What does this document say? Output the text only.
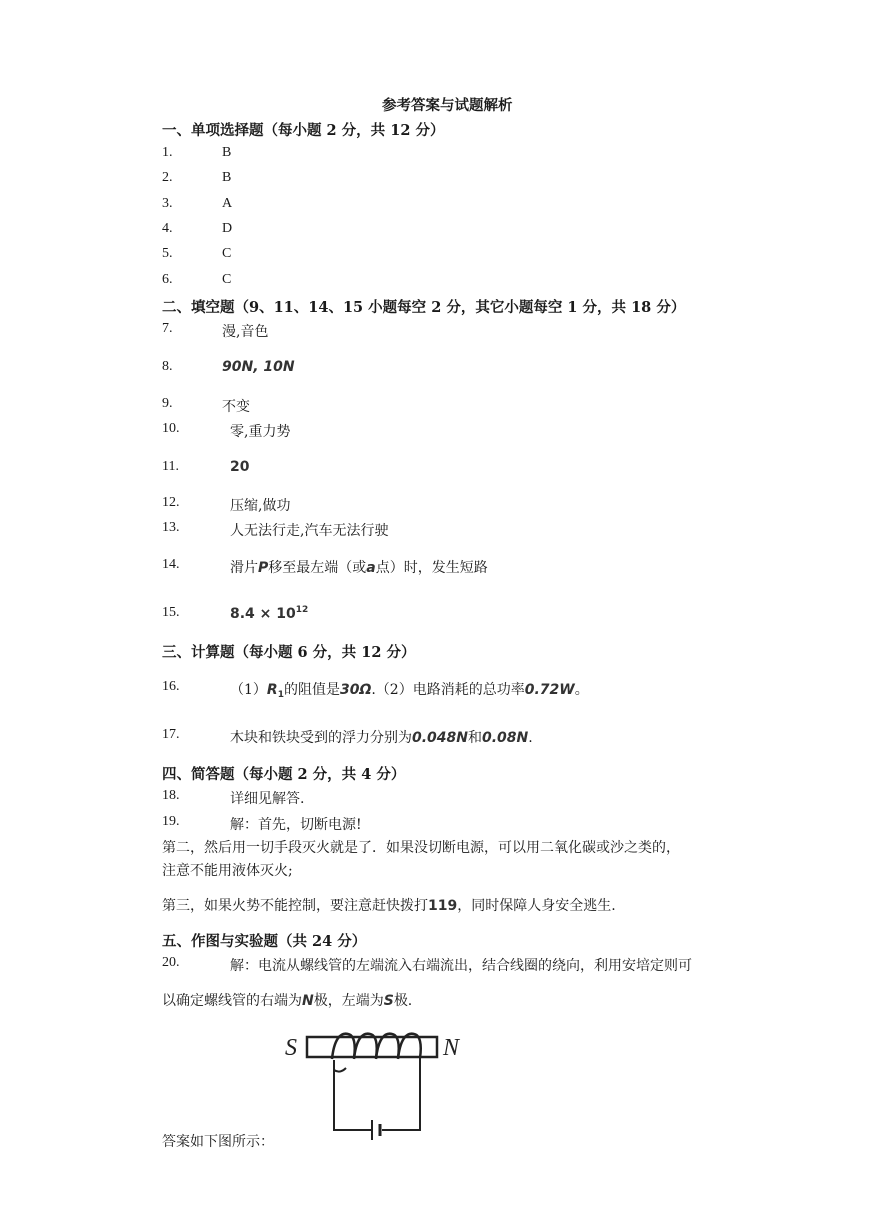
参考答案与试题解析
一、单项选择题（每小题 2 分，共 12 分）
1.	B
2.	B
3.	A
4.	D
5.	C
6.	C
二、填空题（9、11、14、15 小题每空 2 分，其它小题每空 1 分，共 18 分）
7.	漫,音色
8.	90N, 10N
9.	不变
10.	零,重力势
11.	20
12.	压缩,做功
13.	人无法行走,汽车无法行驶
14.	滑片P移至最左端（或a点）时，发生短路
15.	$8.4 \times 10^{12}$
三、计算题（每小题 6 分，共 12 分）
16.	$(1)R_1$的阻值是30Ω.（2）电路消耗的总功率0.72W。
17.	木块和铁块受到的浮力分别为0.048N和0.08N.
四、简答题（每小题 2 分，共 4 分）
18.	详细见解答.
19.	解：首先，切断电源!
第二，然后用一切手段灭火就是了．如果没切断电源，可以用二氧化碳或沙之类的，
注意不能用液体灭火;
第三，如果火势不能控制，要注意赶快拨打119，同时保障人身安全逃生.
五、作图与实验题（共 24 分）
20.	解：电流从螺线管的左端流入右端流出，结合线圈的绕向，利用安培定则可
以确定螺线管的右端为N极，左端为S极.
S	N
答案如下图所示：
